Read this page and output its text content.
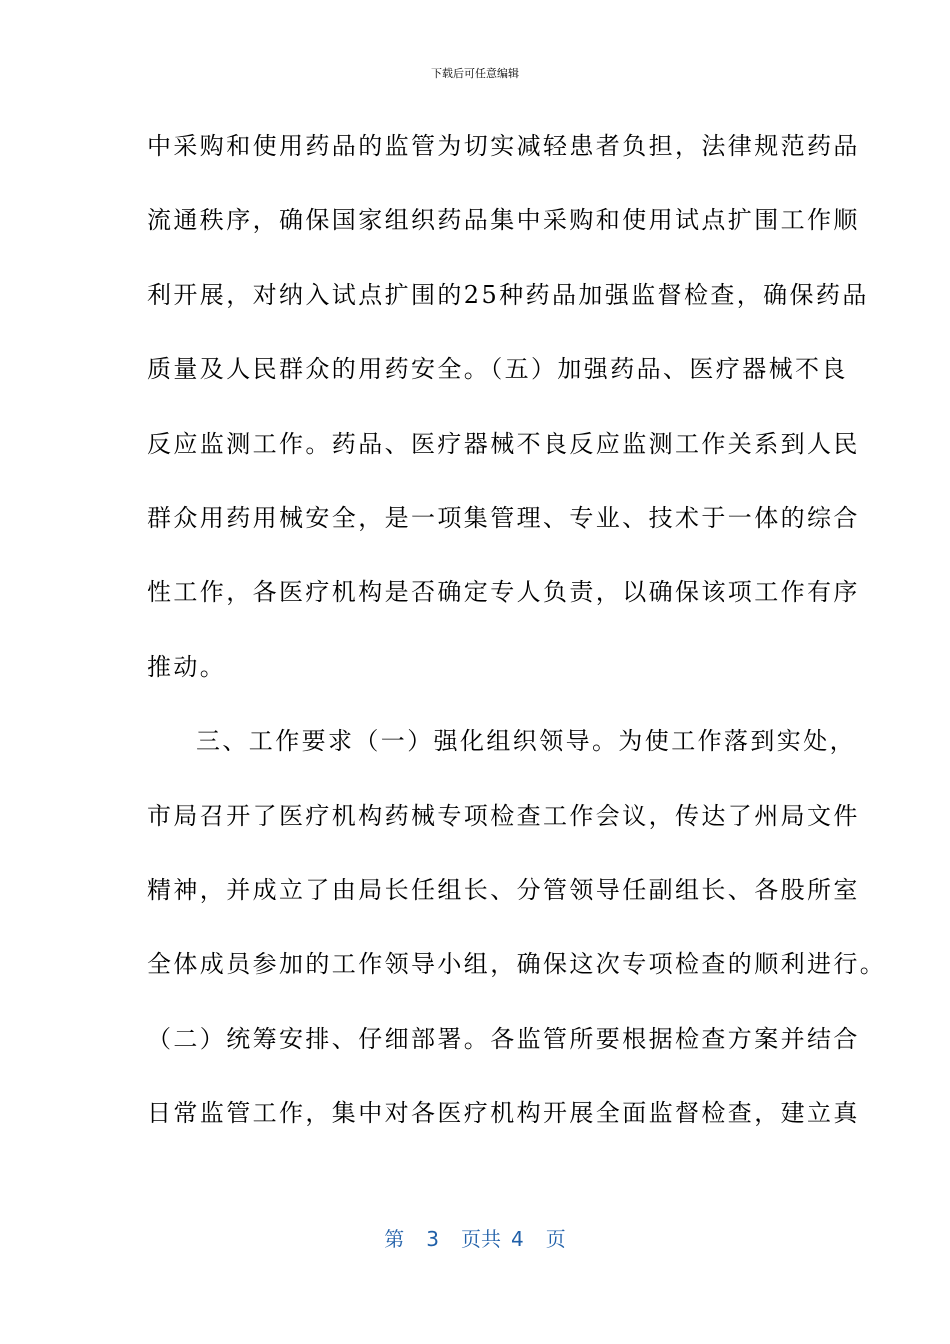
下载后可任意编辑
中采购和使用药品的监管为切实减轻患者负担，法律规范药品
流通秩序，确保国家组织药品集中采购和使用试点扩围工作顺
利开展，对纳入试点扩围的25种药品加强监督检查，确保药品
质量及人民群众的用药安全。（五）加强药品、医疗器械不良
反应监测工作。药品、医疗器械不良反应监测工作关系到人民
群众用药用械安全，是一项集管理、专业、技术于一体的综合
性工作，各医疗机构是否确定专人负责，以确保该项工作有序
推动。
三、工作要求（一）强化组织领导。为使工作落到实处，
市局召开了医疗机构药械专项检查工作会议，传达了州局文件
精神，并成立了由局长任组长、分管领导任副组长、各股所室
全体成员参加的工作领导小组，确保这次专项检查的顺利进行。
（二）统筹安排、仔细部署。各监管所要根据检查方案并结合
日常监管工作，集中对各医疗机构开展全面监督检查，建立真
第 3 页共 4 页
